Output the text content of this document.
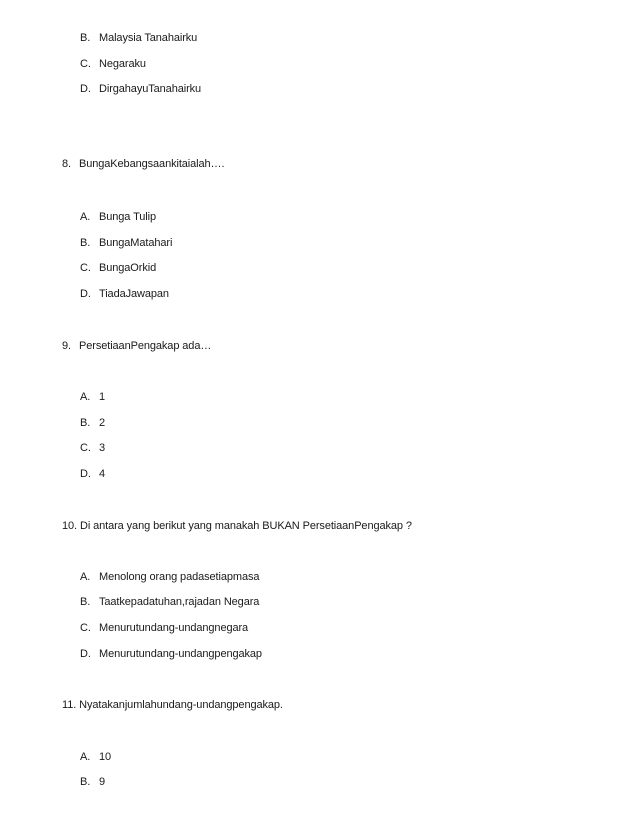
B. Malaysia Tanahairku
C. Negaraku
D. DirgahayuTanahairku
8. BungaKebangsaankitaialah….
A. Bunga Tulip
B. BungaMatahari
C. BungaOrkid
D. TiadaJawapan
9. PersetiaanPengakap ada…
A. 1
B. 2
C. 3
D. 4
10. Di antara yang berikut yang manakah BUKAN PersetiaanPengakap ?
A. Menolong orang padasetiapmasa
B. Taatkepadatuhan,rajadan Negara
C. Menurutundang-undangnegara
D. Menurutundang-undangpengakap
11. Nyatakanjumlahundang-undangpengakap.
A. 10
B. 9
